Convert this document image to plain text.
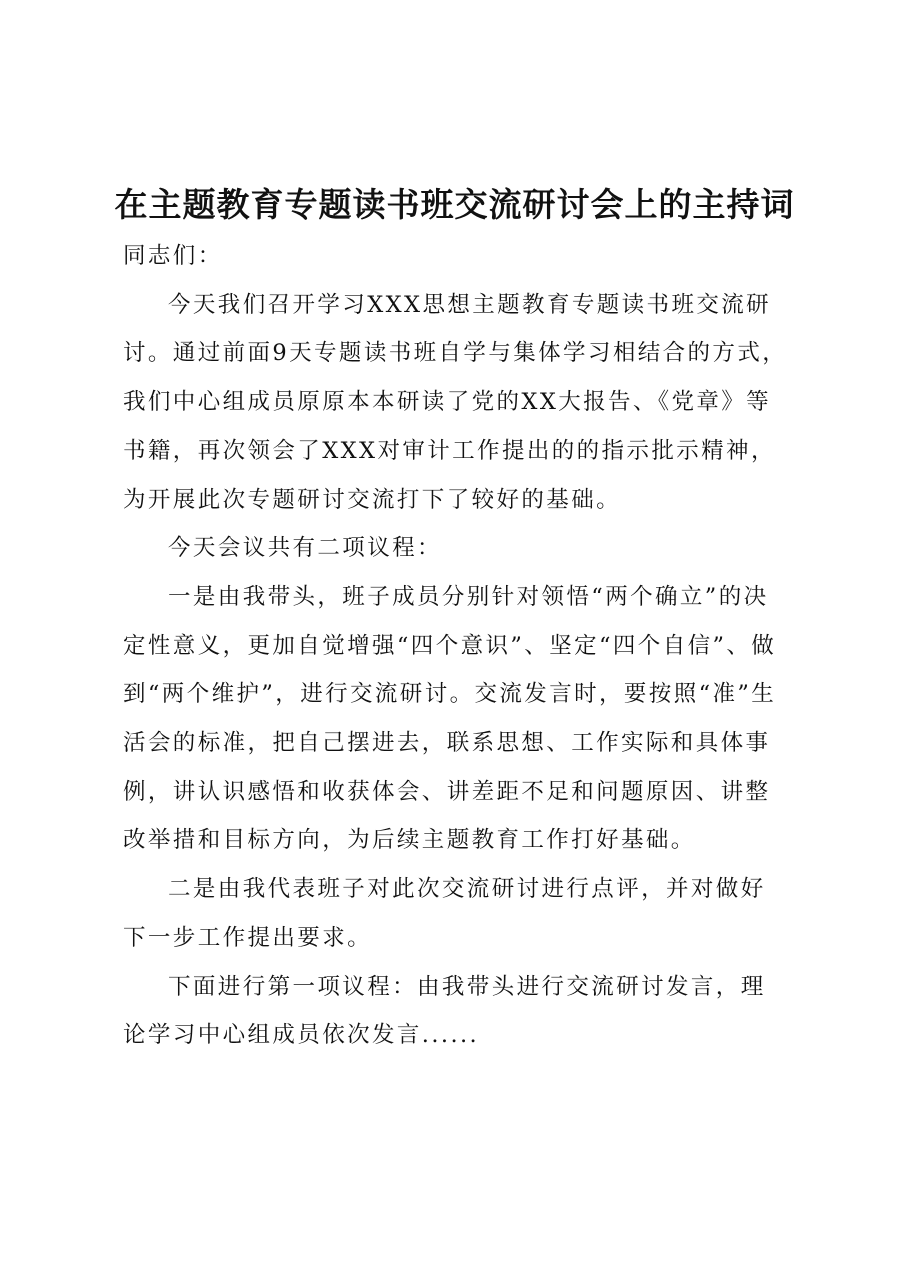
在主题教育专题读书班交流研讨会上的主持词

同志们：

今天我们召开学习XXX思想主题教育专题读书班交流研讨。通过前面9天专题读书班自学与集体学习相结合的方式，我们中心组成员原原本本研读了党的XX大报告、《党章》等书籍，再次领会了XXX对审计工作提出的的指示批示精神，为开展此次专题研讨交流打下了较好的基础。

今天会议共有二项议程：

一是由我带头，班子成员分别针对领悟“两个确立”的决定性意义，更加自觉增强“四个意识”、坚定“四个自信”、做到“两个维护”，进行交流研讨。交流发言时，要按照“准”生活会的标准，把自己摆进去，联系思想、工作实际和具体事例，讲认识感悟和收获体会、讲差距不足和问题原因、讲整改举措和目标方向，为后续主题教育工作打好基础。

二是由我代表班子对此次交流研讨进行点评，并对做好下一步工作提出要求。

下面进行第一项议程：由我带头进行交流研讨发言，理论学习中心组成员依次发言......
